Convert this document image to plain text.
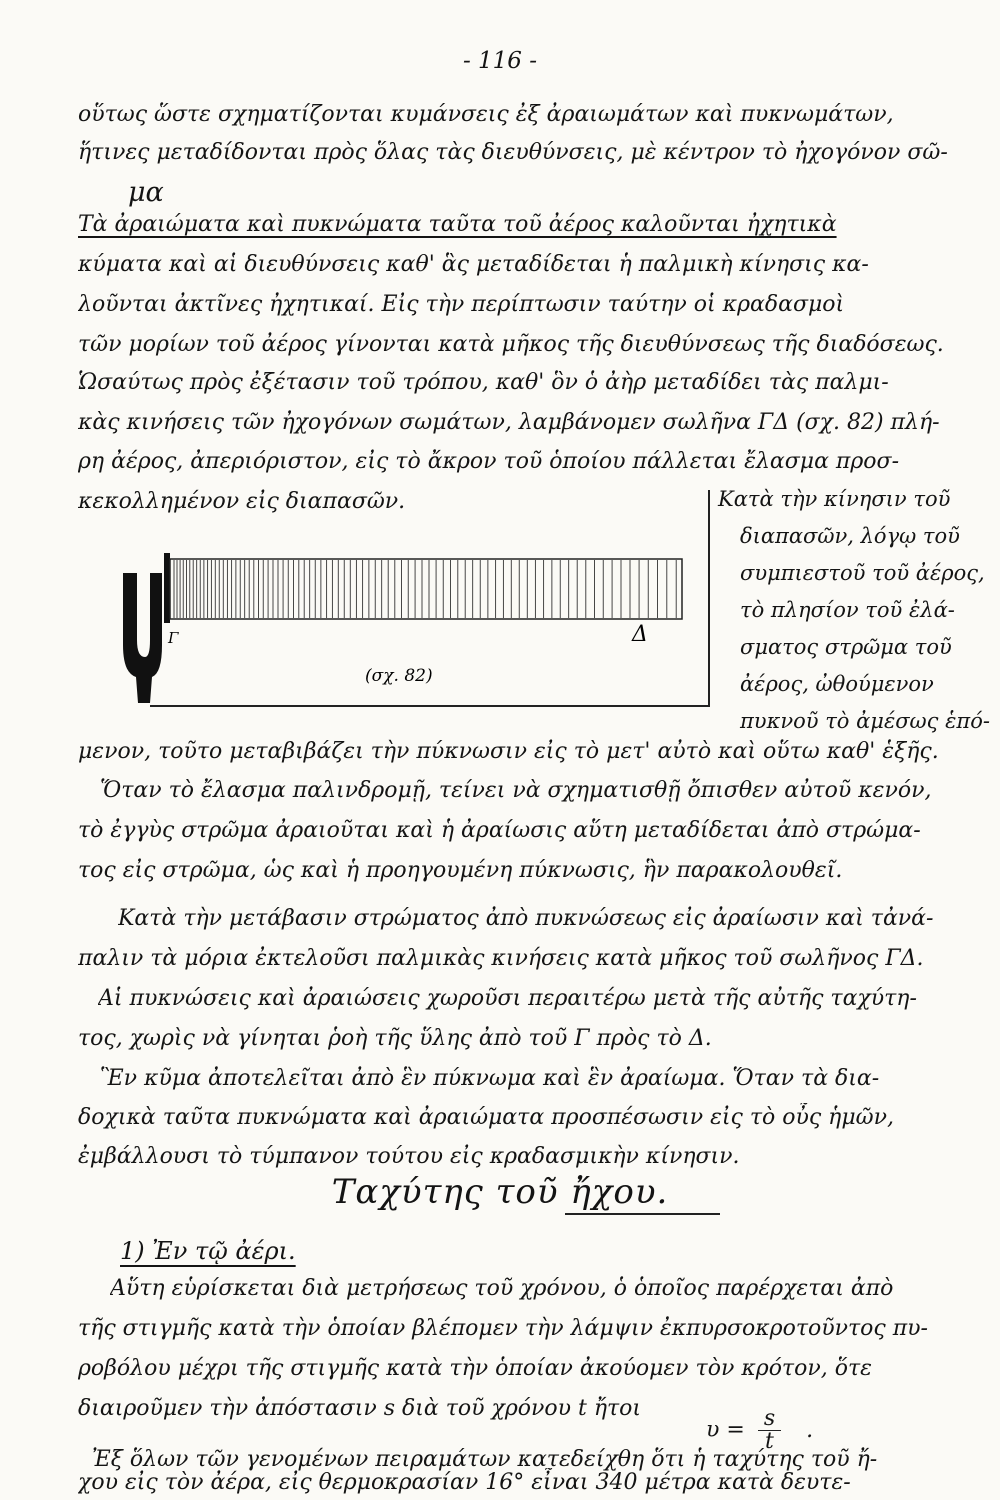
- 116 -
οὕτως ὥστε σχηματίζονται κυμάνσεις ἐξ ἀραιωμάτων καὶ πυκνωμάτων,
ἥτινες μεταδίδονται πρὸς ὅλας τὰς διευθύνσεις, μὲ κέντρον τὸ ἠχογόνον σῶ-
μα
Τὰ ἀραιώματα καὶ πυκνώματα ταῦτα τοῦ ἀέρος καλοῦνται ἠχητικὰ
κύματα καὶ αἱ διευθύνσεις καθ' ἃς μεταδίδεται ἡ παλμικὴ κίνησις κα-
λοῦνται ἀκτῖνες ἠχητικαί. Εἰς τὴν περίπτωσιν ταύτην οἱ κραδασμοὶ
τῶν μορίων τοῦ ἀέρος γίνονται κατὰ μῆκος τῆς διευθύνσεως τῆς διαδόσεως.
Ὡσαύτως πρὸς ἐξέτασιν τοῦ τρόπου, καθ' ὃν ὁ ἀὴρ μεταδίδει τὰς παλμι-
κὰς κινήσεις τῶν ἠχογόνων σωμάτων, λαμβάνομεν σωλῆνα ΓΔ (σχ. 82) πλή-
ρη ἀέρος, ἀπεριόριστον, εἰς τὸ ἄκρον τοῦ ὁποίου πάλλεται ἔλασμα προσ-
κεκολλημένον εἰς διαπασῶν.	Κατὰ τὴν κίνησιν τοῦ
διαπασῶν, λόγῳ τοῦ
συμπιεστοῦ τοῦ ἀέρος,
τὸ πλησίον τοῦ ἐλά-
σματος στρῶμα τοῦ
ἀέρος, ὠθούμενον
πυκνοῦ τὸ ἀμέσως ἑπό-
Γ	Δ
(σχ. 82)
μενον, τοῦτο μεταβιβάζει τὴν πύκνωσιν εἰς τὸ μετ' αὐτὸ καὶ οὕτω καθ' ἑξῆς.
Ὅταν τὸ ἔλασμα παλινδρομῇ, τείνει νὰ σχηματισθῇ ὄπισθεν αὐτοῦ κενόν,
τὸ ἐγγὺς στρῶμα ἀραιοῦται καὶ ἡ ἀραίωσις αὕτη μεταδίδεται ἀπὸ στρώμα-
τος εἰς στρῶμα, ὡς καὶ ἡ προηγουμένη πύκνωσις, ἣν παρακολουθεῖ.
Κατὰ τὴν μετάβασιν στρώματος ἀπὸ πυκνώσεως εἰς ἀραίωσιν καὶ τἀνά-
παλιν τὰ μόρια ἐκτελοῦσι παλμικὰς κινήσεις κατὰ μῆκος τοῦ σωλῆνος ΓΔ.
Αἱ πυκνώσεις καὶ ἀραιώσεις χωροῦσι περαιτέρω μετὰ τῆς αὐτῆς ταχύτη-
τος, χωρὶς νὰ γίνηται ῥοὴ τῆς ὕλης ἀπὸ τοῦ Γ πρὸς τὸ Δ.
Ἓν κῦμα ἀποτελεῖται ἀπὸ ἓν πύκνωμα καὶ ἓν ἀραίωμα. Ὅταν τὰ δια-
δοχικὰ ταῦτα πυκνώματα καὶ ἀραιώματα προσπέσωσιν εἰς τὸ οὖς ἡμῶν,
ἐμβάλλουσι τὸ τύμπανον τούτου εἰς κραδασμικὴν κίνησιν.
Ταχύτης τοῦ ἤχου.
1) Ἐν τῷ ἀέρι.
Αὕτη εὑρίσκεται διὰ μετρήσεως τοῦ χρόνου, ὁ ὁποῖος παρέρχεται ἀπὸ
τῆς στιγμῆς κατὰ τὴν ὁποίαν βλέπομεν τὴν λάμψιν ἐκπυρσοκροτοῦντος πυ-
ροβόλου μέχρι τῆς στιγμῆς κατὰ τὴν ὁποίαν ἀκούομεν τὸν κρότον, ὅτε
διαιροῦμεν τὴν ἀπόστασιν s διὰ τοῦ χρόνου t ἤτοι
$\upsilon = \frac{s}{t}$ .
Ἐξ ὅλων τῶν γενομένων πειραμάτων κατεδείχθη ὅτι ἡ ταχύτης τοῦ ἤ-
χου εἰς τὸν ἀέρα, εἰς θερμοκρασίαν 16° εἶναι 340 μέτρα κατὰ δευτε-
